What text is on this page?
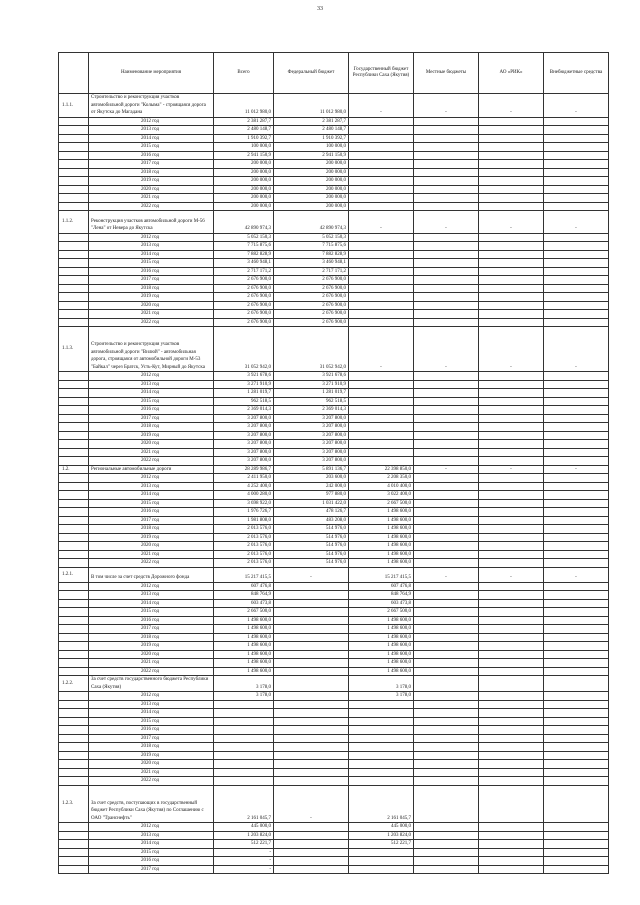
33
	Наименование мероприятия	Всего	Федеральный бюджет	Государственный бюджет Республики Саха (Якутия)	Местные бюджеты	АО «РИК»	Внебюджетные средства
1.1.1.	Строительство и реконструкция участков автомобильной дороги "Колыма" - строящаяся дорога от Якутска до Магадана	11 012 980,0	11 012 980,0	-	-	-	-
	2012 год	2 381 287,7	2 381 287,7				
	2013 год	2 480 148,7	2 480 148,7				
	2014 год	1 910 392,7	1 910 392,7				
	2015 год	100 000,0	100 000,0				
	2016 год	2 941 150,9	2 941 150,9				
	2017 год	200 000,0	200 000,0				
	2018 год	200 000,0	200 000,0				
	2019 год	200 000,0	200 000,0				
	2020 год	200 000,0	200 000,0				
	2021 год	200 000,0	200 000,0				
	2022 год	200 000,0	200 000,0				
1.1.2.	Реконструкция участков автомобильной дороги М-56 "Лена" от Невера до Якутска	42 890 974,3	42 890 974,3	-	-	-	-
	2012 год	5 052 150,3	5 052 150,3				
	2013 год	7 715 875,6	7 715 875,6				
	2014 год	7 882 828,9	7 882 828,9				
	2015 год	3 460 948,1	3 460 948,1				
	2016 год	2 717 171,2	2 717 171,2				
	2017 год	2 676 900,0	2 676 900,0				
	2018 год	2 676 900,0	2 676 900,0				
	2019 год	2 676 900,0	2 676 900,0				
	2020 год	2 676 900,0	2 676 900,0				
	2021 год	2 676 900,0	2 676 900,0				
	2022 год	2 676 900,0	2 676 900,0				
1.1.3.	Строительство и реконструкция участков автомобильной дороги "Вилюй" - автомобильная дорога, строящаяся от автомобильной дороги М-53 "Байкал" через Братск, Усть-Кут, Мирный до Якутска	31 052 942,0	31 052 942,0	-	-	-	-
	2012 год	3 921 678,6	3 921 678,6				
	2013 год	3 271 910,9	3 271 910,9				
	2014 год	1 281 019,7	1 281 019,7				
	2015 год	962 518,5	962 518,5				
	2016 год	2 369 014,3	2 369 014,3				
	2017 год	3 207 800,0	3 207 800,0				
	2018 год	3 207 800,0	3 207 800,0				
	2019 год	3 207 800,0	3 207 800,0				
	2020 год	3 207 800,0	3 207 800,0				
	2021 год	3 207 800,0	3 207 800,0				
	2022 год	3 207 800,0	3 207 800,0				
1.2.	Региональные автомобильные дороги	28 289 986,7	5 891 136,7	22 398 850,0	-	-	-
	2012 год	2 411 950,0	203 600,0	2 208 350,0			
	2013 год	4 252 400,0	242 000,0	4 010 400,0			
	2014 год	4 000 280,0	977 880,0	3 022 400,0			
	2015 год	3 698 922,0	1 031 422,0	2 667 500,0			
	2016 год	1 976 726,7	478 126,7	1 498 600,0			
	2017 год	1 981 808,0	483 208,0	1 498 600,0			
	2018 год	2 013 576,0	514 976,0	1 498 600,0			
	2019 год	2 013 576,0	514 976,0	1 498 600,0			
	2020 год	2 013 576,0	514 976,0	1 498 600,0			
	2021 год	2 013 576,0	514 976,0	1 498 600,0			
	2022 год	2 013 576,0	514 976,0	1 498 600,0			
1.2.1.	В том числе за счет средств Дорожного фонда	15 217 415,5	-	15 217 415,5	-	-	-
	2012 год	607 476,8		607 476,8			
	2013 год	848 764,9		848 764,9			
	2014 год	603 473,8		603 473,8			
	2015 год	2 667 500,0		2 667 500,0			
	2016 год	1 498 600,0		1 498 600,0			
	2017 год	1 498 600,0		1 498 600,0			
	2018 год	1 498 600,0		1 498 600,0			
	2019 год	1 498 600,0		1 498 600,0			
	2020 год	1 498 600,0		1 498 600,0			
	2021 год	1 498 600,0		1 498 600,0			
	2022 год	1 498 600,0		1 498 600,0			
1.2.2.	За счет средств государственного бюджета Республики Саха (Якутия)	3 178,0		3 178,0			
	2012 год	3 178,0		3 178,0			
	2013 год						
	2014 год						
	2015 год						
	2016 год						
	2017 год						
	2018 год						
	2019 год						
	2020 год						
	2021 год						
	2022 год						
1.2.3.	За счет средств, поступающих в государственный бюджет Республики Саха (Якутия) по Соглашению с ОАО "Транснефть"	2 161 045,7	-	2 161 045,7			
	2012 год	445 000,0		445 000,0			
	2013 год	1 203 824,0		1 203 824,0			
	2014 год	512 221,7		512 221,7			
	2015 год	-					
	2016 год	-					
	2017 год	-					
